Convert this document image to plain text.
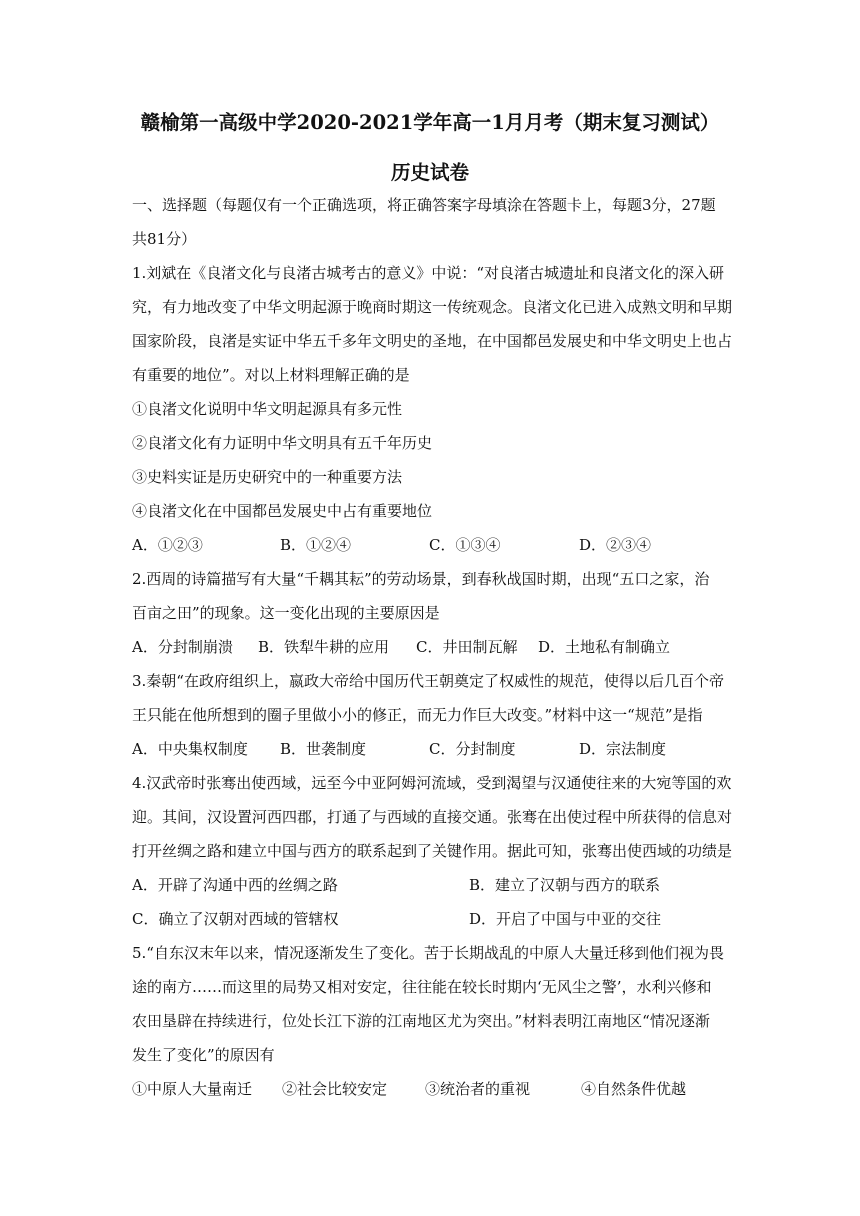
赣榆第一高级中学2020-2021学年高一1月月考（期末复习测试）
历史试卷
一、选择题（每题仅有一个正确选项，将正确答案字母填涂在答题卡上，每题3分，27题
共81分）
1.刘斌在《良渚文化与良渚古城考古的意义》中说：“对良渚古城遗址和良渚文化的深入研
究，有力地改变了中华文明起源于晚商时期这一传统观念。良渚文化已进入成熟文明和早期
国家阶段，良渚是实证中华五千多年文明史的圣地，在中国都邑发展史和中华文明史上也占
有重要的地位”。对以上材料理解正确的是
①良渚文化说明中华文明起源具有多元性
②良渚文化有力证明中华文明具有五千年历史
③史料实证是历史研究中的一种重要方法
④良渚文化在中国都邑发展史中占有重要地位
A．①②③	B．①②④	C．①③④	D．②③④
2.西周的诗篇描写有大量“千耦其耘”的劳动场景，到春秋战国时期，出现“五口之家，治
百亩之田”的现象。这一变化出现的主要原因是
A．分封制崩溃 B．铁犁牛耕的应用 C．井田制瓦解 D．土地私有制确立
3.秦朝“在政府组织上，嬴政大帝给中国历代王朝奠定了权威性的规范，使得以后几百个帝
王只能在他所想到的圈子里做小小的修正，而无力作巨大改变。”材料中这一“规范”是指
A．中央集权制度 B．世袭制度	C．分封制度	D．宗法制度
4.汉武帝时张骞出使西域，远至今中亚阿姆河流域，受到渴望与汉通使往来的大宛等国的欢
迎。其间，汉设置河西四郡，打通了与西域的直接交通。张骞在出使过程中所获得的信息对
打开丝绸之路和建立中国与西方的联系起到了关键作用。据此可知，张骞出使西域的功绩是
A．开辟了沟通中西的丝绸之路	B．建立了汉朝与西方的联系
C．确立了汉朝对西域的管辖权	D．开启了中国与中亚的交往
5.“自东汉末年以来，情况逐渐发生了变化。苦于长期战乱的中原人大量迁移到他们视为畏
途的南方……而这里的局势又相对安定，往往能在较长时期内‘无风尘之警’，水利兴修和
农田垦辟在持续进行，位处长江下游的江南地区尤为突出。”材料表明江南地区“情况逐渐
发生了变化”的原因有
①中原人大量南迁 ②社会比较安定	③统治者的重视	④自然条件优越
